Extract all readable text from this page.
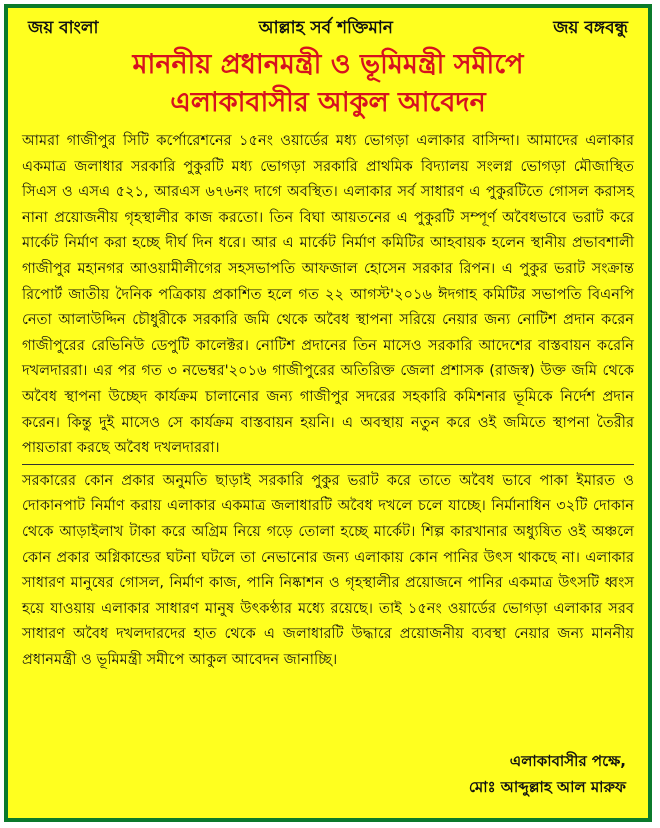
জয় বাংলা	আল্লাহ সর্ব শক্তিমান	জয় বঙ্গবন্ধু
মাননীয় প্রধানমন্ত্রী ও ভূমিমন্ত্রী সমীপে
এলাকাবাসীর আকুল আবেদন

আমরা গাজীপুর সিটি কর্পোরেশনের ১৫নং ওয়ার্ডের মধ্য ভোগড়া এলাকার বাসিন্দা। আমাদের এলাকার একমাত্র জলাধার সরকারি পুকুরটি মধ্য ভোগড়া সরকারি প্রাথমিক বিদ্যালয় সংলগ্ন ভোগড়া মৌজাস্থিত সিএস ও এসএ ৫২১, আরএস ৬৭৬নং দাগে অবস্থিত। এলাকার সর্ব সাধারণ এ পুকুরটিতে গোসল করাসহ নানা প্রয়োজনীয় গৃহস্থালীর কাজ করতো। তিন বিঘা আয়তনের এ পুকুরটি সম্পূর্ণ অবৈধভাবে ভরাট করে মার্কেট নির্মাণ করা হচ্ছে দীর্ঘ দিন ধরে। আর এ মার্কেট নির্মাণ কমিটির আহবায়ক হলেন স্থানীয় প্রভাবশালী গাজীপুর মহানগর আওয়ামীলীগের সহসভাপতি আফজাল হোসেন সরকার রিপন। এ পুকুর ভরাট সংক্রান্ত রিপোর্ট জাতীয় দৈনিক পত্রিকায় প্রকাশিত হলে গত ২২ আগস্ট'২০১৬ ঈদগাহ কমিটির সভাপতি বিএনপি নেতা আলাউদ্দিন চৌধুরীকে সরকারি জমি থেকে অবৈধ স্থাপনা সরিয়ে নেয়ার জন্য নোটিশ প্রদান করেন গাজীপুরের রেভিনিউ ডেপুটি কালেক্টর। নোটিশ প্রদানের তিন মাসেও সরকারি আদেশের বাস্তবায়ন করেনি দখলদাররা। এর পর গত ৩ নভেম্বর'২০১৬ গাজীপুরের অতিরিক্ত জেলা প্রশাসক (রাজস্ব) উক্ত জমি থেকে অবৈধ স্থাপনা উচ্ছেদ কার্যক্রম চালানোর জন্য গাজীপুর সদরের সহকারি কমিশনার ভূমিকে নির্দেশ প্রদান করেন। কিন্তু দুই মাসেও সে কার্যক্রম বাস্তবায়ন হয়নি। এ অবস্থায় নতুন করে ওই জমিতে স্থাপনা তৈরীর পায়তারা করছে অবৈধ দখলদাররা।

সরকারের কোন প্রকার অনুমতি ছাড়াই সরকারি পুকুর ভরাট করে তাতে অবৈধ ভাবে পাকা ইমারত ও দোকানপাট নির্মাণ করায় এলাকার একমাত্র জলাধারটি অবৈধ দখলে চলে যাচ্ছে। নির্মানাধিন ৩২টি দোকান থেকে আড়াইলাখ টাকা করে অগ্রিম নিয়ে গড়ে তোলা হচ্ছে মার্কেট। শিল্প কারখানার অধ্যুষিত ওই অঞ্চলে কোন প্রকার অগ্নিকান্ডের ঘটনা ঘটলে তা নেভানোর জন্য এলাকায় কোন পানির উৎস থাকছে না। এলাকার সাধারণ মানুষের গোসল, নির্মাণ কাজ, পানি নিষ্কাশন ও গৃহস্থালীর প্রয়োজনে পানির একমাত্র উৎসটি ধ্বংস হয়ে যাওয়ায় এলাকার সাধারণ মানুষ উৎকণ্ঠার মধ্যে রয়েছে। তাই ১৫নং ওয়ার্ডের ভোগড়া এলাকার সরব সাধারণ অবৈধ দখলদারদের হাত থেকে এ জলাধারটি উদ্ধারে প্রয়োজনীয় ব্যবস্থা নেয়ার জন্য মাননীয় প্রধানমন্ত্রী ও ভূমিমন্ত্রী সমীপে আকুল আবেদন জানাচ্ছি।

এলাকাবাসীর পক্ষে,
মোঃ আব্দুল্লাহ আল মারুফ
